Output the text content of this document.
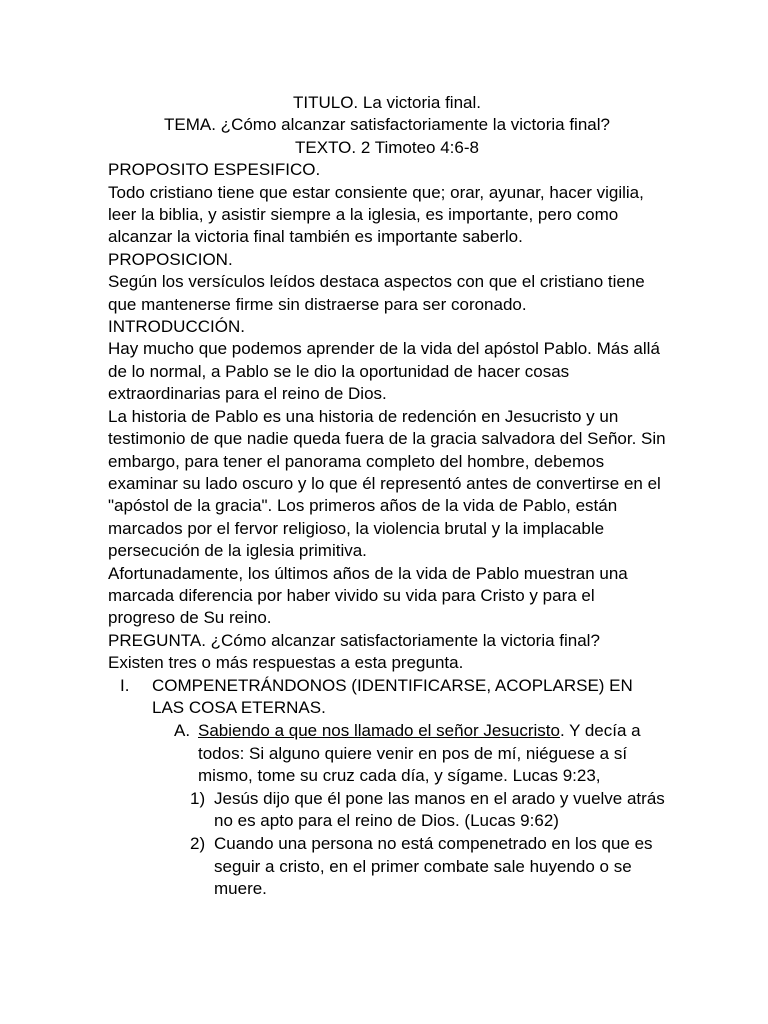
TITULO. La victoria final.

TEMA. ¿Cómo alcanzar satisfactoriamente la victoria final?

TEXTO. 2 Timoteo 4:6-8

PROPOSITO ESPESIFICO.

Todo cristiano tiene que estar consiente que; orar, ayunar, hacer vigilia, leer la biblia, y asistir siempre a la iglesia, es importante, pero como alcanzar la victoria final también es importante saberlo.

PROPOSICION.

Según los versículos leídos destaca aspectos con que el cristiano tiene que mantenerse firme sin distraerse para ser coronado.

INTRODUCCIÓN.

Hay mucho que podemos aprender de la vida del apóstol Pablo. Más allá de lo normal, a Pablo se le dio la oportunidad de hacer cosas extraordinarias para el reino de Dios.

La historia de Pablo es una historia de redención en Jesucristo y un testimonio de que nadie queda fuera de la gracia salvadora del Señor. Sin embargo, para tener el panorama completo del hombre, debemos examinar su lado oscuro y lo que él representó antes de convertirse en el "apóstol de la gracia". Los primeros años de la vida de Pablo, están marcados por el fervor religioso, la violencia brutal y la implacable persecución de la iglesia primitiva.

Afortunadamente, los últimos años de la vida de Pablo muestran una marcada diferencia por haber vivido su vida para Cristo y para el progreso de Su reino.

PREGUNTA. ¿Cómo alcanzar satisfactoriamente la victoria final?

Existen tres o más respuestas a esta pregunta.

I. COMPENETRÁNDONOS (IDENTIFICARSE, ACOPLARSE) EN LAS COSA ETERNAS.
A. Sabiendo a que nos llamado el señor Jesucristo. Y decía a todos: Si alguno quiere venir en pos de mí, niéguese a sí mismo, tome su cruz cada día, y sígame. Lucas 9:23,
1) Jesús dijo que él pone las manos en el arado y vuelve atrás no es apto para el reino de Dios. (Lucas 9:62)
2) Cuando una persona no está compenetrado en los que es seguir a cristo, en el primer combate sale huyendo o se muere.
